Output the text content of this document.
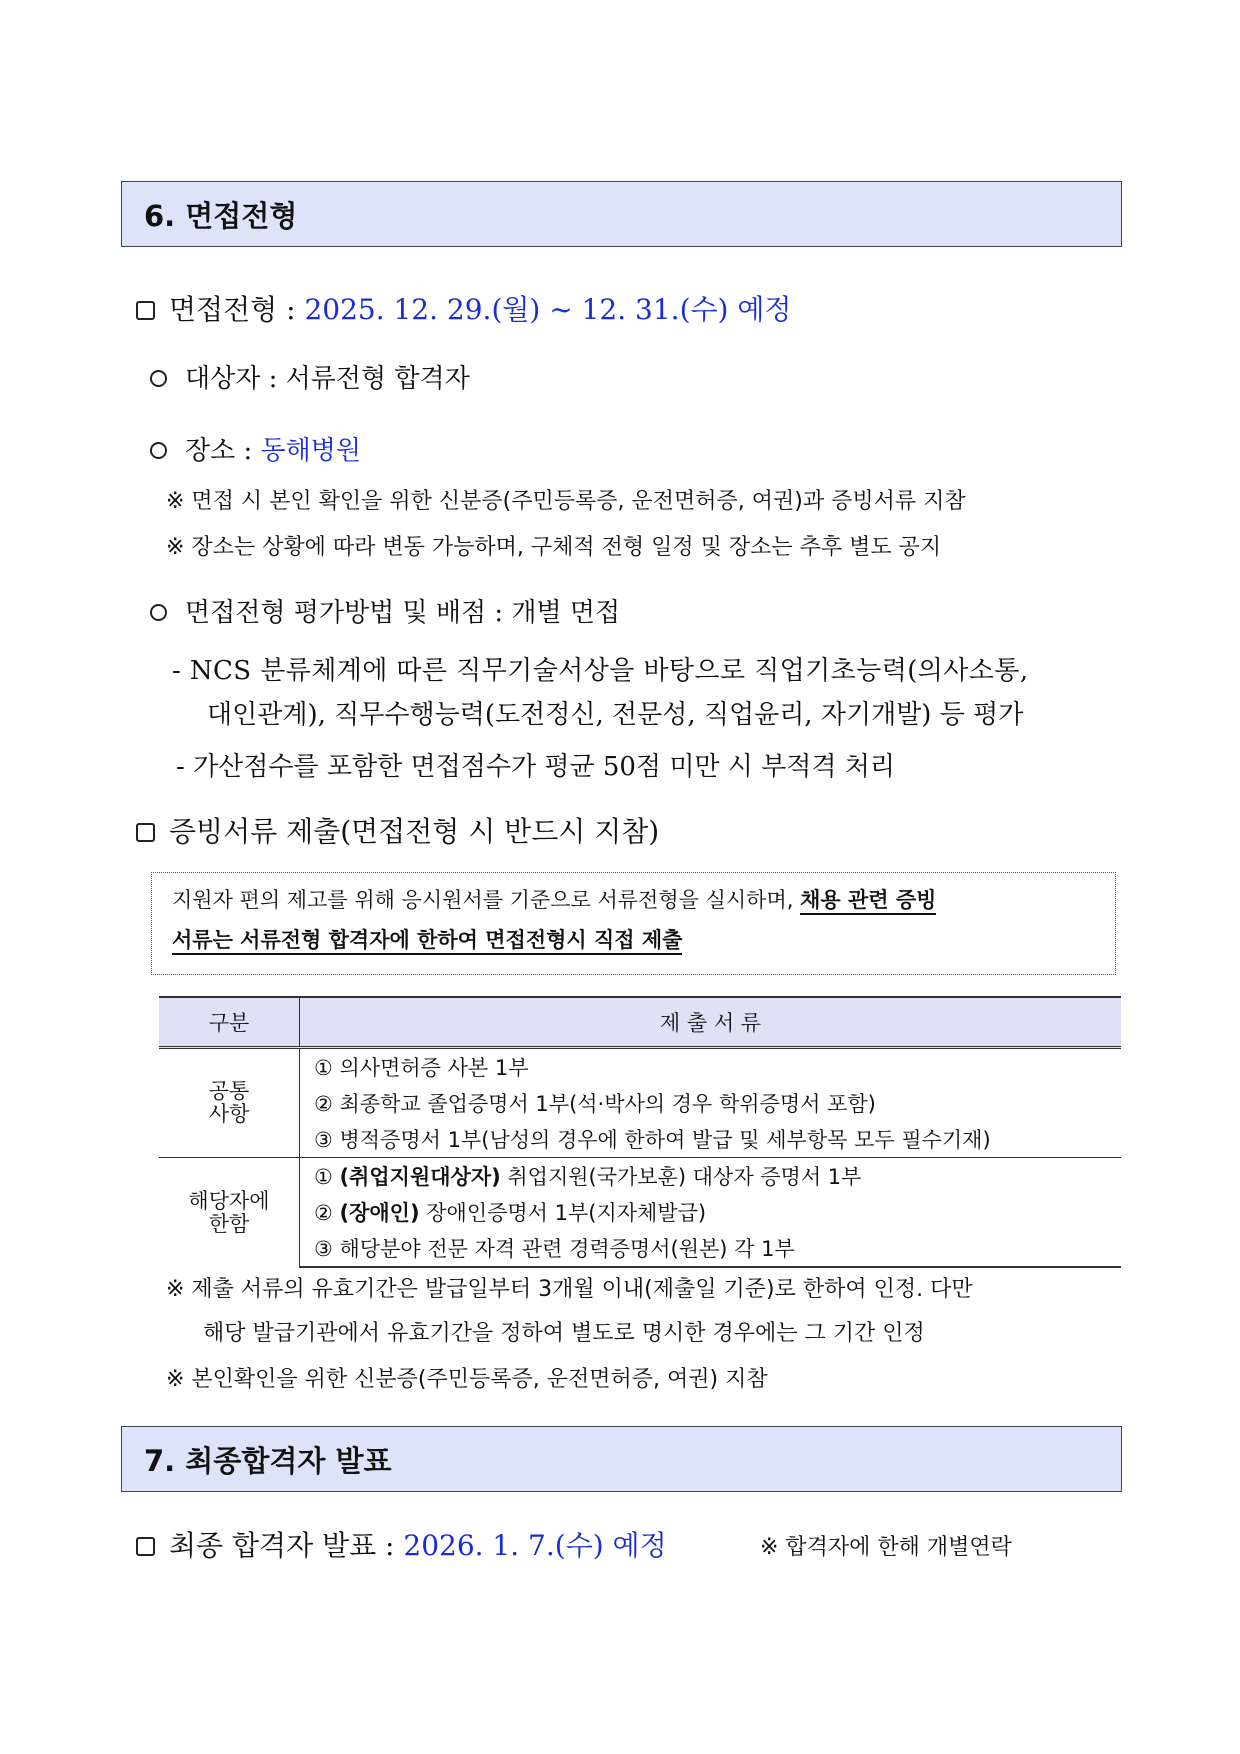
6. 면접전형
면접전형 : 2025. 12. 29.(월) ~ 12. 31.(수) 예정
대상자 : 서류전형 합격자
장소 : 동해병원
※ 면접 시 본인 확인을 위한 신분증(주민등록증, 운전면허증, 여권)과 증빙서류 지참
※ 장소는 상황에 따라 변동 가능하며, 구체적 전형 일정 및 장소는 추후 별도 공지
면접전형 평가방법 및 배점 : 개별 면접
- NCS 분류체계에 따른 직무기술서상을 바탕으로 직업기초능력(의사소통,
대인관계), 직무수행능력(도전정신, 전문성, 직업윤리, 자기개발) 등 평가
- 가산점수를 포함한 면접점수가 평균 50점 미만 시 부적격 처리
증빙서류 제출(면접전형 시 반드시 지참)
지원자 편의 제고를 위해 응시원서를 기준으로 서류전형을 실시하며, 채용 관련 증빙
서류는 서류전형 합격자에 한하여 면접전형시 직접 제출
구분	제 출 서 류
공통
사항	① 의사면허증 사본 1부
	② 최종학교 졸업증명서 1부(석·박사의 경우 학위증명서 포함)
	③ 병적증명서 1부(남성의 경우에 한하여 발급 및 세부항목 모두 필수기재)
해당자에
한함	① (취업지원대상자) 취업지원(국가보훈) 대상자 증명서 1부
	② (장애인) 장애인증명서 1부(지자체발급)
	③ 해당분야 전문 자격 관련 경력증명서(원본) 각 1부
※ 제출 서류의 유효기간은 발급일부터 3개월 이내(제출일 기준)로 한하여 인정. 다만
해당 발급기관에서 유효기간을 정하여 별도로 명시한 경우에는 그 기간 인정
※ 본인확인을 위한 신분증(주민등록증, 운전면허증, 여권) 지참
7. 최종합격자 발표
최종 합격자 발표 : 2026. 1. 7.(수) 예정	※ 합격자에 한해 개별연락
